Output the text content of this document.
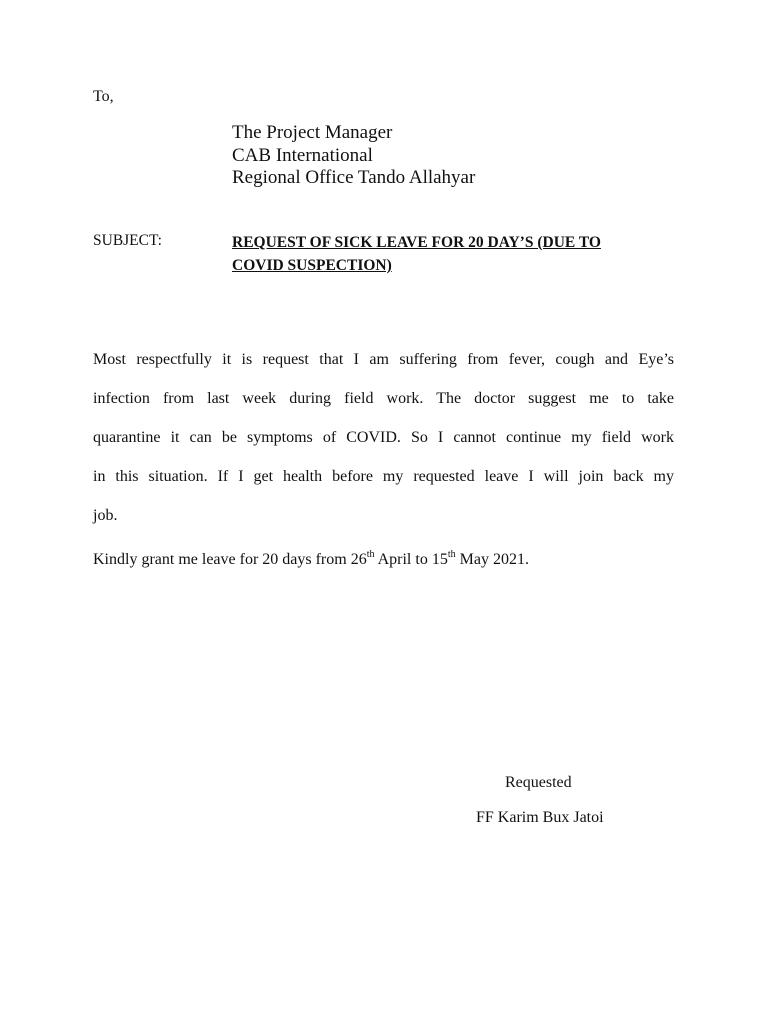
To,

The Project Manager
CAB International
Regional Office Tando Allahyar

SUBJECT:	REQUEST OF SICK LEAVE FOR 20 DAY’S (DUE TO
COVID SUSPECTION)
Most respectfully it is request that I am suffering from fever, cough and Eye’s
infection from last week during field work. The doctor suggest me to take
quarantine it can be symptoms of COVID. So I cannot continue my field work
in this situation. If I get health before my requested leave I will join back my
job.

Kindly grant me leave for 20 days from 26th April to 15th May 2021.

Requested

FF Karim Bux Jatoi
